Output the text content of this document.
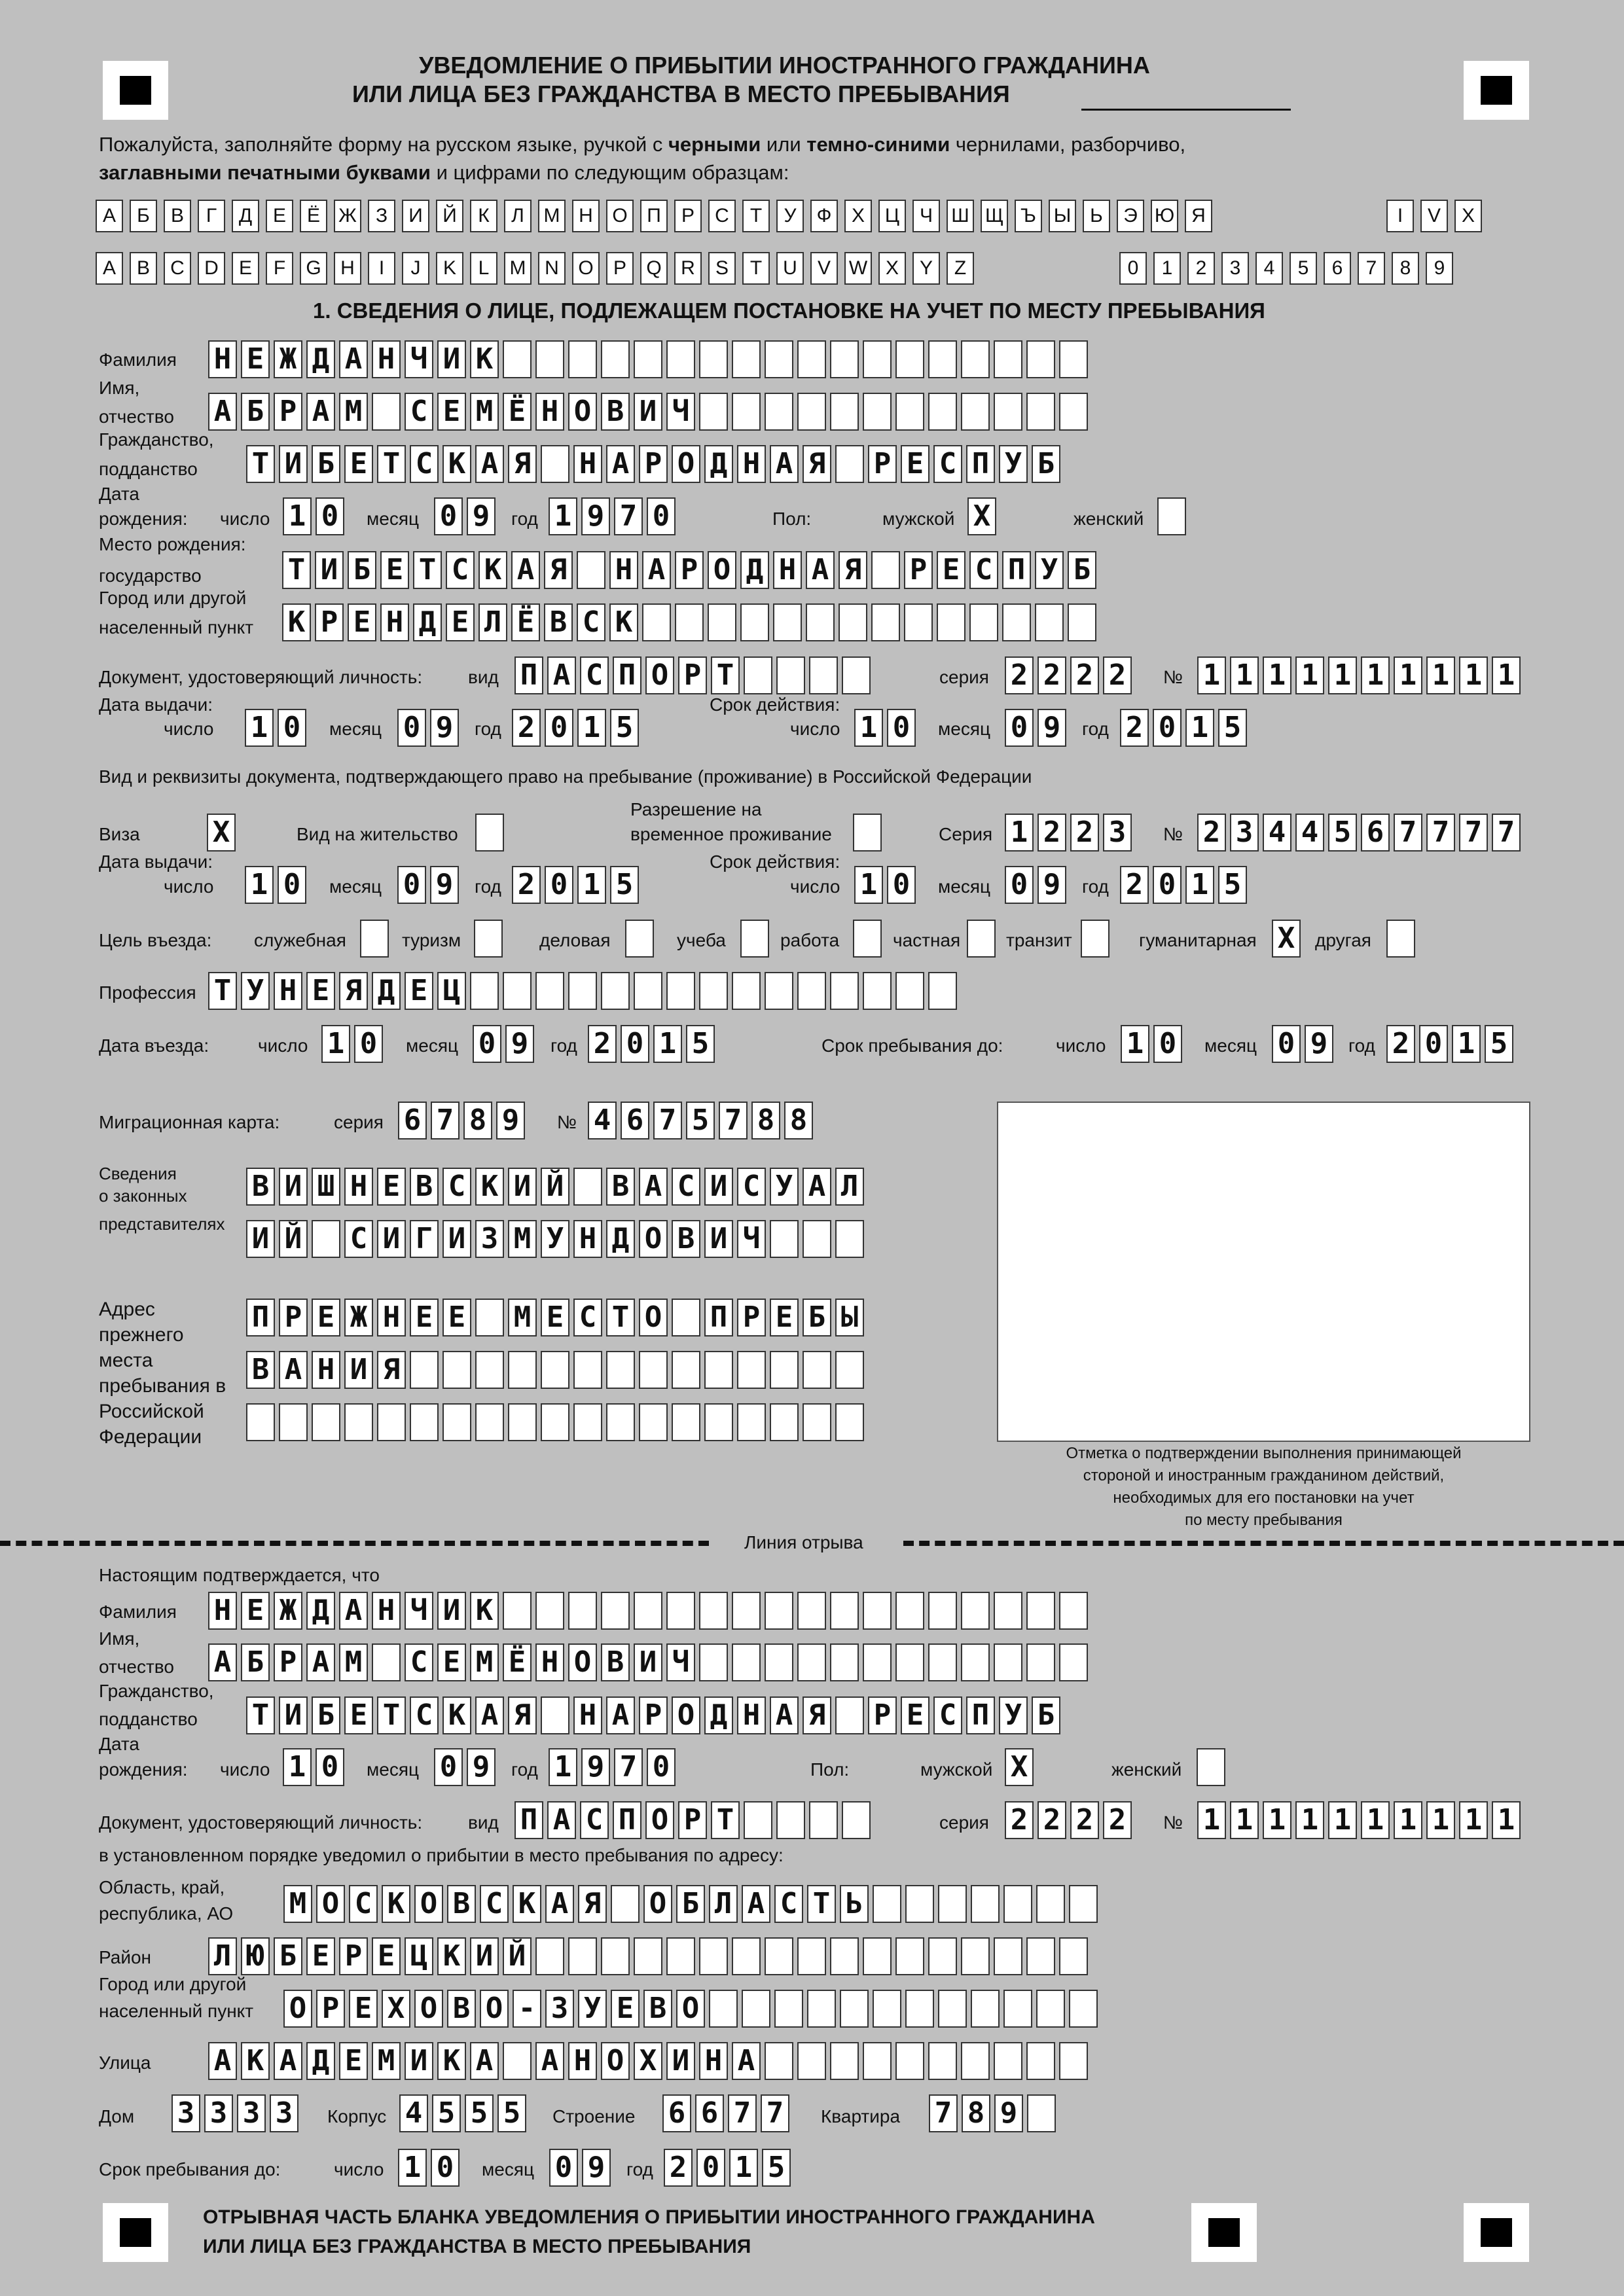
УВЕДОМЛЕНИЕ О ПРИБЫТИИ ИНОСТРАННОГО ГРАЖДАНИНА
ИЛИ ЛИЦА БЕЗ ГРАЖДАНСТВА В МЕСТО ПРЕБЫВАНИЯ
Пожалуйста, заполняйте форму на русском языке, ручкой с черными или темно-синими чернилами, разборчиво,
заглавными печатными буквами и цифрами по следующим образцам:
А	Б	В	Г	Д	Е	Ё Ж З	И	Й	К	Л М Н О П	Р	С	Т	У	Ф	Х	Ц	Ч Ш Щ Ъ Ы Ь	Э Ю Я	I	V	X
A	B	C	D	E	F	G H	I	J	K	L	M N O	P	Q R	S	T	U	V W X	Y	Z	0	1	2	3	4	5	6	7	8	9
1. СВЕДЕНИЯ О ЛИЦЕ, ПОДЛЕЖАЩЕМ ПОСТАНОВКЕ НА УЧЕТ ПО МЕСТУ ПРЕБЫВАНИЯ
Фамилия Н Е Ж Д А Н Ч И К
Имя,
отчество А Б Р А М С Е М Ё Н О В И Ч
Гражданство,
подданство Т И Б Е Т С К А Я Н А Р О Д Н А Я Р Е С П У Б
Дата
рождения: число 1 0	месяц 0 9	год 1 9 7 0	Пол:	мужской X	женский
Место рождения:
государство	Т И Б Е Т С К А Я Н А Р О Д Н А Я Р Е С П У Б
Город или другой
населенный пункт К Р Е Н Д Е Л Ё В С К
Документ, удостоверяющий личность: вид П А С П О Р Т	серия 2 2 2 2	№ 1 1 1 1 1 1 1 1 1 1
Дата выдачи:
число 1 0	месяц 0 9	год 2 0 1 5
Срок действия:
число 1 0	месяц 0 9	год 2 0 1 5
Вид и реквизиты документа, подтверждающего право на пребывание (проживание) в Российской Федерации
Виза	X	Вид на жительство
Разрешение на
временное проживание	Серия 1 2 2 3	№ 2 3 4 4 5 6 7 7 7 7
Дата выдачи:
число 1 0	месяц 0 9	год 2 0 1 5
Срок действия:
число 1 0	месяц 0 9	год 2 0 1 5
Цель въезда: служебная	туризм	деловая	учеба	работа	частная транзит	гуманитарная X	другая
Профессия Т У Н Е Я Д Е Ц
Дата въезда:	число 1 0	месяц 0 9	год 2 0 1 5	Срок пребывания до:	число 1 0	месяц 0 9	год 2 0 1 5
Миграционная карта:	серия 6 7 8 9	№ 4 6 7 5 7 8 8
Сведения
о законных
представителях
В И Ш Н Е В С К И Й В А С И С У А Л
И Й С И Г И З М У Н Д О В И Ч
Адрес
прежнего
места
пребывания в
Российской
Федерации
П Р Е Ж Н Е Е М Е С Т О П Р Е Б Ы
В А Н И Я
Отметка о подтверждении выполнения принимающей
стороной и иностранным гражданином действий,
необходимых для его постановки на учет
по месту пребывания
Линия отрыва
Настоящим подтверждается, что
Фамилия Н Е Ж Д А Н Ч И К
Имя,
отчество А Б Р А М С Е М Ё Н О В И Ч
Гражданство,
подданство Т И Б Е Т С К А Я Н А Р О Д Н А Я Р Е С П У Б
Дата
рождения: число 1 0	месяц 0 9	год 1 9 7 0	Пол:	мужской X	женский
Документ, удостоверяющий личность: вид П А С П О Р Т	серия 2 2 2 2	№ 1 1 1 1 1 1 1 1 1 1
в установленном порядке уведомил о прибытии в место пребывания по адресу:
Область, край,
республика, АО М О С К О В С К А Я О Б Л А С Т Ь
Район Л Ю Б Е Р Е Ц К И Й
Город или другой
населенный пункт О Р Е Х О В О - З У Е В О
Улица А К А Д Е М И К А А Н О Х И Н А
Дом 3 3 3 3	Корпус 4 5 5 5	Строение 6 6 7 7	Квартира 7 8 9
Срок пребывания до:	число 1 0	месяц 0 9	год 2 0 1 5
ОТРЫВНАЯ ЧАСТЬ БЛАНКА УВЕДОМЛЕНИЯ О ПРИБЫТИИ ИНОСТРАННОГО ГРАЖДАНИНА
ИЛИ ЛИЦА БЕЗ ГРАЖДАНСТВА В МЕСТО ПРЕБЫВАНИЯ
